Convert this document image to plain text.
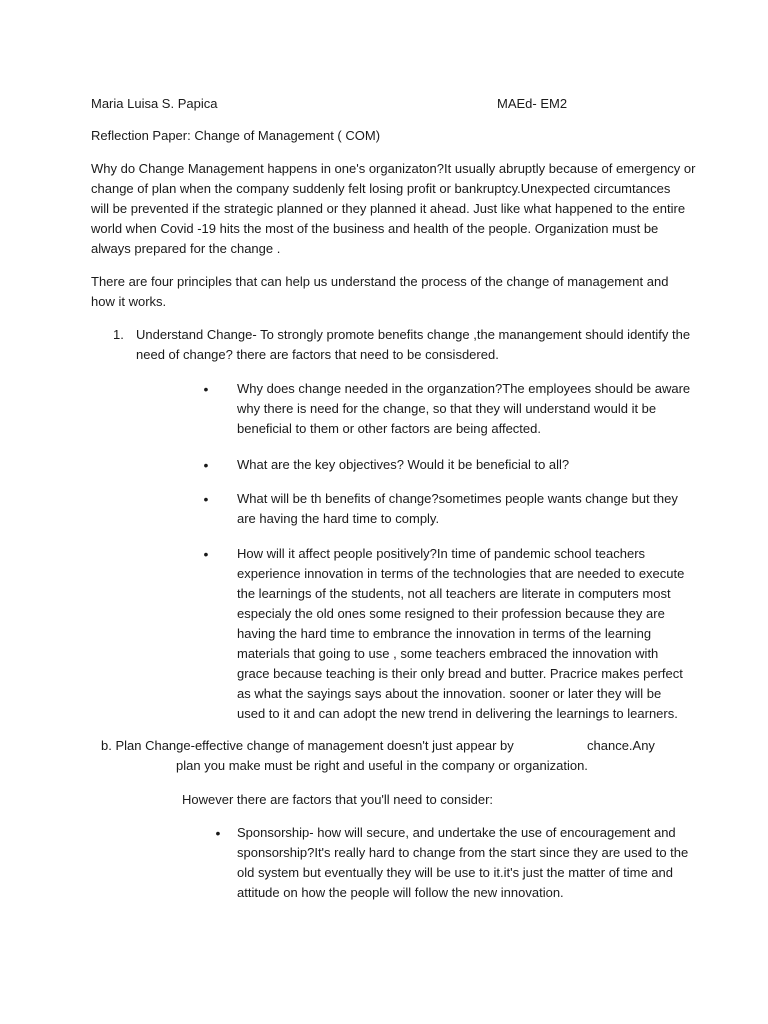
Maria Luisa S. Papica	MAEd- EM2
Reflection Paper: Change of Management ( COM)
Why do Change Management happens in one's organizaton?It usually abruptly because of emergency or
change of plan when the company suddenly felt losing profit or bankruptcy.Unexpected circumtances
will be prevented if the strategic planned or they planned it ahead. Just like what happened to the entire
world when Covid -19 hits the most of the business and health of the people. Organization must be
always prepared for the change .
There are four principles that can help us understand the process of the change of management and
how it works.
1. Understand Change- To strongly promote benefits change ,the manangement should identify the
need of change? there are factors that need to be consisdered.
• Why does change needed in the organzation?The employees should be aware
why there is need for the change, so that they will understand would it be
beneficial to them or other factors are being affected.
• What are the key objectives? Would it be beneficial to all?
• What will be th benefits of change?sometimes people wants change but they
are having the hard time to comply.
• How will it affect people positively?In time of pandemic school teachers
experience innovation in terms of the technologies that are needed to execute
the learnings of the students, not all teachers are literate in computers most
especialy the old ones some resigned to their profession because they are
having the hard time to embrance the innovation in terms of the learning
materials that going to use , some teachers embraced the innovation with
grace because teaching is their only bread and butter. Pracrice makes perfect
as what the sayings says about the innovation. sooner or later they will be
used to it and can adopt the new trend in delivering the learnings to learners.
b. Plan Change-effective change of management doesn't just appear by	chance.Any
plan you make must be right and useful in the company or organization.
However there are factors that you'll need to consider:
• Sponsorship- how will secure, and undertake the use of encouragement and
sponsorship?It's really hard to change from the start since they are used to the
old system but eventually they will be use to it.it's just the matter of time and
attitude on how the people will follow the new innovation.
